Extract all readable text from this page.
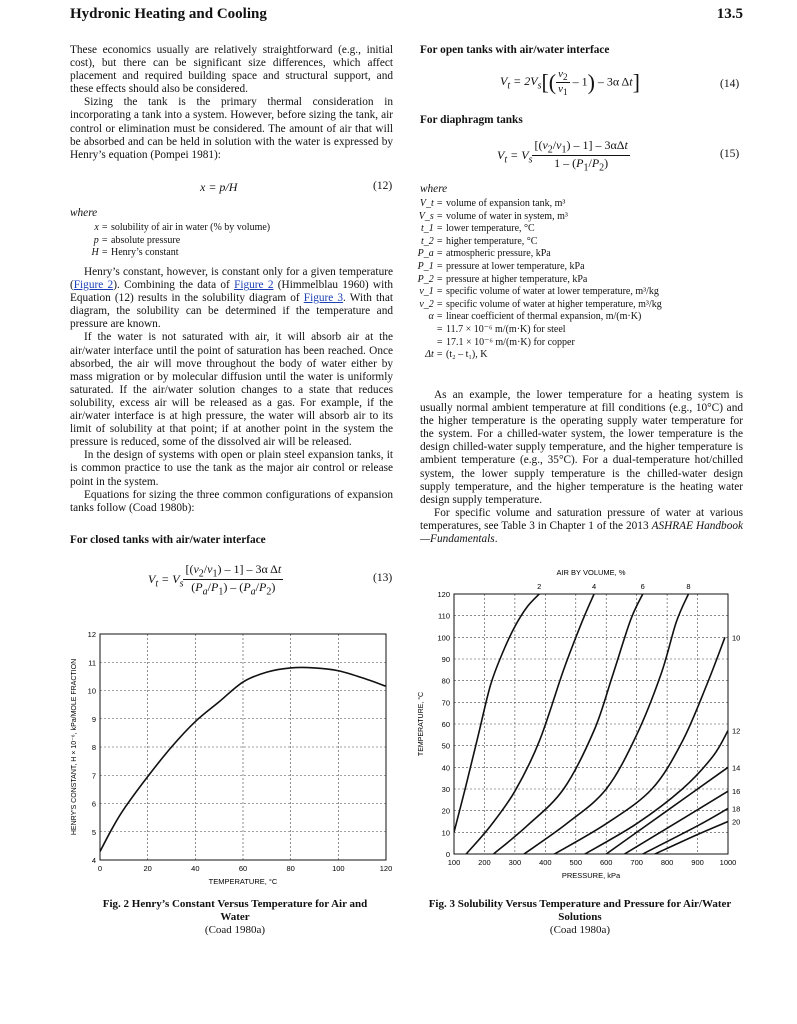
Hydronic Heating and Cooling	13.5

These economics usually are relatively straightforward (e.g., initial cost), but there can be significant size differences, which affect placement and required building space and structural support, and these effects should also be considered.

Sizing the tank is the primary thermal consideration in incorporating a tank into a system. However, before sizing the tank, air control or elimination must be considered. The amount of air that will be absorbed and can be held in solution with the water is expressed by Henry’s equation (Pompei 1981):

x = p/H	(12)
where
x = solubility of air in water (% by volume)
p = absolute pressure
H = Henry’s constant

Henry’s constant, however, is constant only for a given temperature (Figure 2). Combining the data of Figure 2 (Himmelblau 1960) with Equation (12) results in the solubility diagram of Figure 3. With that diagram, the solubility can be determined if the temperature and pressure are known.

If the water is not saturated with air, it will absorb air at the air/water interface until the point of saturation has been reached. Once absorbed, the air will move throughout the body of water either by mass migration or by molecular diffusion until the water is uniformly saturated. If the air/water solution changes to a state that reduces solubility, excess air will be released as a gas. For example, if the air/water interface is at high pressure, the water will absorb air to its limit of solubility at that point; if at another point in the system the pressure is reduced, some of the dissolved air will be released.

In the design of systems with open or plain steel expansion tanks, it is common practice to use the tank as the major air control or release point in the system.

Equations for sizing the three common configurations of expansion tanks follow (Coad 1980b):

For closed tanks with air/water interface
$V_t = V_s \frac{[(v_2/v_1) - 1] - 3\alpha \Delta t}{(P_a/P_1) - (P_a/P_2)}$	(13)
For open tanks with air/water interface
$V_t = 2V_s[( \frac{v_2}{v_1} - 1) - 3\alpha$ Δt]	(14)
For diaphragm tanks
$V_t = V_s \frac{[(v_2/v_1) - 1] - 3\alpha\Delta t}{1 - (P_1/P_2)}$	(15)
where
V_t = volume of expansion tank, m³
V_s = volume of water in system, m³
t_1 = lower temperature, °C
t_2 = higher temperature, °C
P_a = atmospheric pressure, kPa
P_1 = pressure at lower temperature, kPa
P_2 = pressure at higher temperature, kPa
v_1 = specific volume of water at lower temperature, m³/kg
v_2 = specific volume of water at higher temperature, m³/kg
α = linear coefficient of thermal expansion, m/(m·K)
= 11.7 × 10⁻⁶ m/(m·K) for steel
= 17.1 × 10⁻⁶ m/(m·K) for copper
Δt = (t₂ – t₁), K

As an example, the lower temperature for a heating system is usually normal ambient temperature at fill conditions (e.g., 10°C) and the higher temperature is the operating supply water temperature for the system. For a chilled-water system, the lower temperature is the design chilled-water supply temperature, and the higher temperature is ambient temperature (e.g., 35°C). For a dual-temperature hot/chilled system, the lower supply temperature is the chilled-water design supply temperature, and the higher temperature is the heating water design supply temperature.

For specific volume and saturation pressure of water at various temperatures, see Table 3 in Chapter 1 of the 2013 ASHRAE Handbook—Fundamentals.

0	20	40	60	80	100	120
4
5
6
7
8
9
10
11
12
TEMPERATURE, °C
HENRY'S CONSTANT, H × 10⁻⁶, kPa/MOLE FRACTION
Fig. 2 Henry’s Constant Versus Temperature for Air and Water
(Coad 1980a)
100 200 300 400 500 600 700 800 900 1000
0
10
20
30
40
50
60
70
80
90
100
110
120
PRESSURE, kPa
TEMPERATURE, °C
AIR BY VOLUME, %
2	4	6	8
10
12
14
16
18
20
Fig. 3 Solubility Versus Temperature and Pressure for Air/Water Solutions
(Coad 1980a)
